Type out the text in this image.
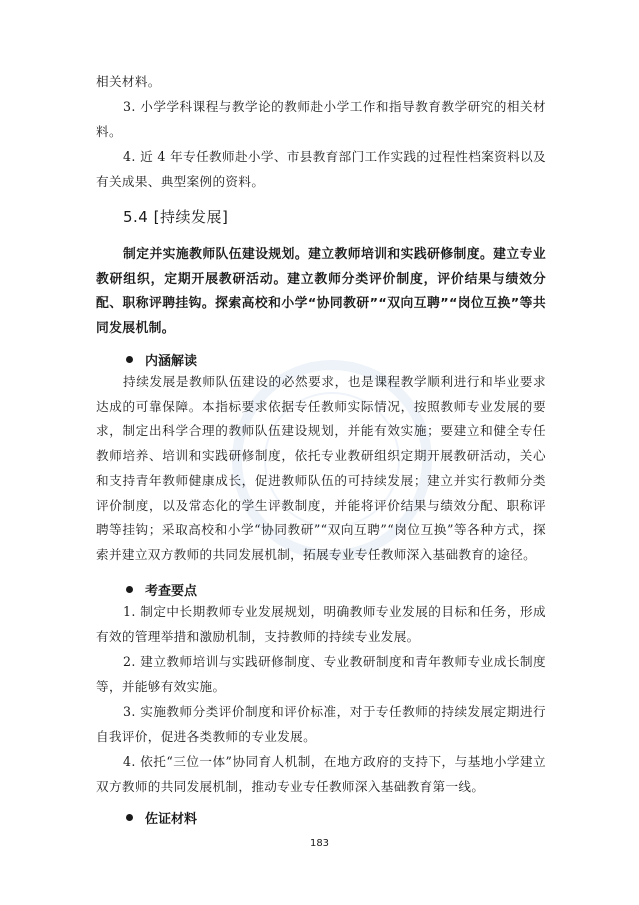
相关材料。

3. 小学学科课程与教学论的教师赴小学工作和指导教育教学研究的相关材料。

4. 近 4 年专任教师赴小学、市县教育部门工作实践的过程性档案资料以及有关成果、典型案例的资料。

5.4 [持续发展]

制定并实施教师队伍建设规划。建立教师培训和实践研修制度。建立专业教研组织，定期开展教研活动。建立教师分类评价制度，评价结果与绩效分配、职称评聘挂钩。探索高校和小学“协同教研”“双向互聘”“岗位互换”等共同发展机制。

内涵解读

持续发展是教师队伍建设的必然要求，也是课程教学顺利进行和毕业要求达成的可靠保障。本指标要求依据专任教师实际情况，按照教师专业发展的要求，制定出科学合理的教师队伍建设规划，并能有效实施；要建立和健全专任教师培养、培训和实践研修制度，依托专业教研组织定期开展教研活动，关心和支持青年教师健康成长，促进教师队伍的可持续发展；建立并实行教师分类评价制度，以及常态化的学生评教制度，并能将评价结果与绩效分配、职称评聘等挂钩；采取高校和小学“协同教研”“双向互聘”“岗位互换”等各种方式，探索并建立双方教师的共同发展机制，拓展专业专任教师深入基础教育的途径。

考查要点

1. 制定中长期教师专业发展规划，明确教师专业发展的目标和任务，形成有效的管理举措和激励机制，支持教师的持续专业发展。

2. 建立教师培训与实践研修制度、专业教研制度和青年教师专业成长制度等，并能够有效实施。

3. 实施教师分类评价制度和评价标准，对于专任教师的持续发展定期进行自我评价，促进各类教师的专业发展。

4. 依托“三位一体”协同育人机制，在地方政府的支持下，与基地小学建立双方教师的共同发展机制，推动专业专任教师深入基础教育第一线。

佐证材料

183
